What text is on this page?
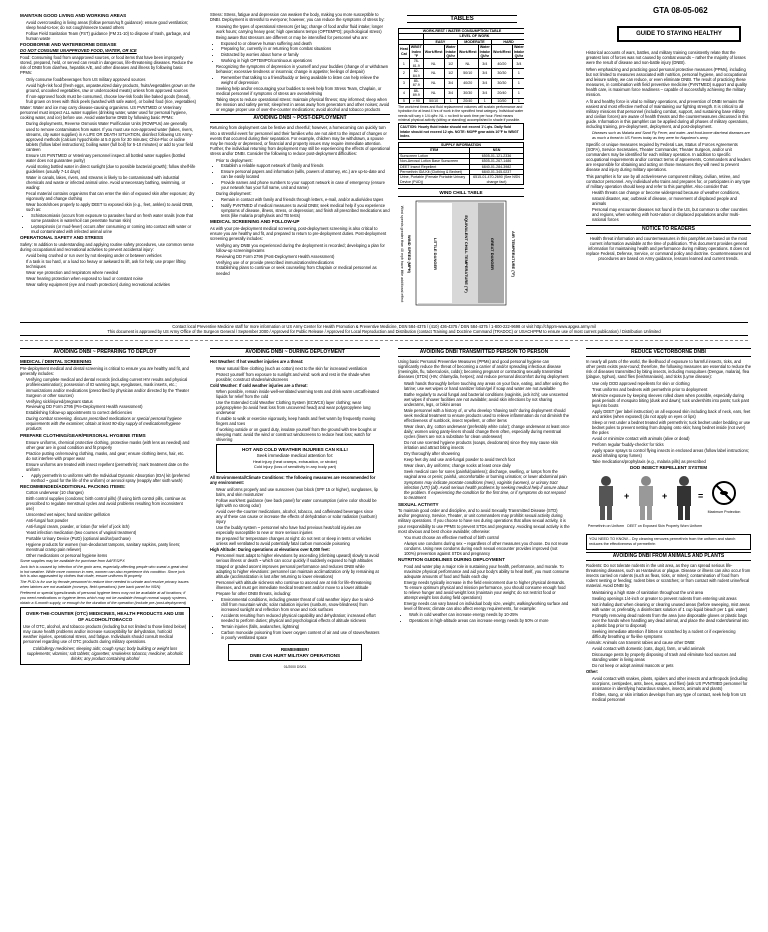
GTA 08-05-062
MAINTAIN GOOD LIVING AND WORKING AREAS
• Avoid overcrowding in living areas (follow person/sq ft guidance): ensure good ventilation; sleep head-to-toe; do not cough/sneeze toward others
• Follow Field Sanitation Team (FST) guidance (FM 21-10) to dispose of trash, garbage, and human waste
FOODBORNE AND WATERBORNE DISEASE
DO NOT CONSUME UNAPPROVED FOOD, WATER, OR ICE

Food: Consuming food from unapproved sources, or food items that have been improperly stored, prepared, held, or served can result in dangerous, life-threatening diseases. Reduce the risk of DNBI from diarrhea, hepatitis A/E, and other diseases and illness by following basic PPMs:

• Only consume food/beverages from US military approved sources
• Avoid high-risk food (fresh eggs, unpasteurized dairy products, fruits/vegetables grown on the ground, uncooked vegetables, raw or undercooked meats) unless from approved sources
• If non-approved foods must be consumed, choose low-risk foods like baked goods (bread), fruit grown on trees with thick peels (washed with safe water), or boiled food (rice, vegetables)

Water: Water and ice may carry disease-causing organisms. US PVNTMED or Veterinary personnel must inspect ALL water supplies (drinking water, water used for personal hygiene, cooking water, and ice) before use. Avoid waterborne DNBI by following basic PPMs:

• During deployments, Reverse Osmosis Water Purification Units (ROWPUs) are generally used to remove contaminates from water. If you must use non-approved water (lakes, rivers, streams, city water supplies) in A LIFE OR DEATH SITUATION, disinfect following US Army-approved methods (calcium hypochlorite at 5.0 ppm for 30 minutes; Chlor-Floc or iodine tablets (follow label instructions); boiling water (full boil) for 5-10 minutes) or add to your field canteen
• Ensure US PVNTMED or Veterinary personnel inspect all bottled water supplies (bottled water does not guarantee purity)
• Avoid storing bottled water in direct sunlight (due to possible bacterial growth); follow shelf-life guidelines (usually 7-14 days)
• Water in canals, lakes, rivers, and streams is likely to be contaminated with industrial chemicals and waste or infected animal urine. Avoid unnecessary bathing, swimming, or wading:
• Fecal material contains organisms that can enter the skin of exposed skin after exposure; dry vigorously and change clothing
• Wear boots/shoes properly to apply DEET to exposed skin (e.g., feet, ankles) to avoid DNBI, such as:
• Schistosomiasis (occurs from exposure to parasites found on fresh water snails (note that some parasites in water/soil can penetrate human skin)
• Leptospirosis (or mud-fever) occurs after consuming or coming into contact with water or mud contaminated with infected animal urine
OPERATIONAL SAFETY AND STRESS

Safety: In addition to understanding and applying routine safety procedures, use common sense during occupational and recreational activities to prevent accidental injury:

• Avoid being crushed or run over by not sleeping under or between vehicles
• If a task is too hard, or a load too heavy or awkward to lift, ask for help; use proper lifting techniques
• Wear eye protection and respirators where needed
• Wear hearing protection when exposed to loud or constant noise
• Wear safety equipment (eye and mouth protection) during recreational activities

Stress: Stress, fatigue and depression can weaken the body, making you more susceptible to DNBI. Deployment is stressful to everyone; however, you can reduce the symptoms of stress by:

• Knowing the types of operational stressors (jet lag; change of food and/or fluid intake; longer work hours; carrying heavy gear; high operations tempo (OPTEMPO); psychological stress)
• Being aware that stressors are different or may be intensified for personnel who are:
• Exposed to or observe human suffering and death
• Preparing for, currently in or returning from combat situations
• Distracted by worries about home or family
• Working in high OPTEMPO/continuous operations
• Recognizing the symptoms of depression in yourself and your buddies (change of or withdrawn behavior; excessive tiredness or insomnia; change in appetite; feelings of despair)
• Remember that talking to a friend/buddy or being available to listen can help relieve the weight of depression
• Seeking help and/or encouraging your buddies to seek help from Stress Team, Chaplain, or medical personnel if symptoms of stress are overwhelming
• Taking steps to reduce operational stress: maintain physical fitness; stay informed; sleep when the mission and safety permit; sleep/rest in areas away from generators and other noises; avoid or engage proper use of over-the-counter medications; avoid alcohol and tobacco products
AVOIDING DNBI ~ POST-DEPLOYMENT

Returning from deployment can be festive and cheerful; however, a homecoming can quickly turn into a stressful event for personnel and their families who are not alert to the impact of changes or events that occurred during their separation. For example, children may be withdrawn, a spouse may be moody or depressed, or financial and property issues may require immediate attention. Further, the individual returning from deployment may still be experiencing the effects of operational stress and/or DNBI. Consider the following to reduce post-deployment difficulties:

• Prior to deployment:
• Establish a reliable support network of family and friends
• Ensure personal papers and information (wills, powers of attorney, etc.) are up-to-date and can be easily located
• Provide names and phone numbers to your support network in case of emergency (ensure your network has your full name, unit and name)
• During deployment:
• Remain in contact with family and friends through letters, e-mail, and/or audio/video tapes
• Notify PVNTMED of medical measures to avoid DNBI; seek medical help if you experience symptoms of disease, illness, stress, or depression; and finish all prescribed medications and tests (like malaria prophylaxis and TB tests)
MEDICAL SCREENING AND FOLLOW-UP

As with your pre-deployment medical screening, post-deployment screening is also critical to ensure you are healthy and fit, and prepared to return to pre-deployment duties. Post-deployment screening generally includes:

• Verifying any DNBI you experienced during the deployment is recorded; developing a plan for follow-up screening/exams
• Reviewing DD Form 2796 (Post-Deployment Health Assessment)
• Verifying use of or provide prescribed immunizations/medications
• Establishing plans to continue or seek counseling from Chaplain or medical personnel as needed
TABLES
WORK-REST / WATER CONSUMPTION TABLE							
		LEVEL OF WORK					
		EASY		MODERATE		HARD	
Heat Cat	WBGT Index °F	Work/Rest	Water Intake Qt/hr	Work/Rest	Water Intake Qt/hr	Work/Rest	Water Intake Qt/hr
1	78-81.9	NL	1/2	NL	3/4	40/20	3/4
2	82-84.9	NL	1/2	50/10	3/4	30/30	1
3	85-87.9	NL	3/4	40/20	3/4	30/30	1
4	88-89.9	NL	3/4	30/30	3/4	20/40	1
5	> 90	50/10	1	20/40	1	10/50	1

The work/rest times and fluid replacement volumes will sustain performance and hydration for at least 4 hrs of work in the specified heat category. Individual water needs will vary ± 1/4 qt/hr. NL = no limit to work time per hour. Rest means minimal physical activity (sitting or standing) accomplished in shade if possible.

CAUTION: Hourly fluid intake should not exceed 1¼ qts. Daily fluid intake should not exceed 12 qts. NOTE: MOPP gear adds 10°F to WBGT index.

SUPPLY INFORMATION	
ITEM	NSN
Sunscreen Lotion	6505-01-121-2336
Non-Aerosol Lotion Base Sunscreen	6505-01-267-1486
DEET Insect Repellent	6840-01-284-3982
Permethrin IDA Kit (Clothing & Bednet)	6840-01-345-0237
Urine, Portable (Female Portable Urinary Device (PUD))	6515-01-470-2690 (See NSN change fact)
WIND CHILL TABLE
WIND SPEED (MPH)	AIR TEMPERATURE (°F)
EQUIVALENT CHILL TEMPERATURE (°F)
LITTLE DANGER	GREAT DANGER
Wind speeds greater than 40 mph have little additional effect
GUIDE TO STAYING HEALTHY

Historical accounts of wars, battles, and military training consistently relate that the greatest loss of forces was not caused by combat wounds – rather the majority of losses were the result of disease and non-battle injury (DNBI).

When emphasizing and practicing good personal protective measures (PPMs), including but not limited to measures associated with nutrition, personal hygiene, and occupational and leisure safety, we can reduce, or even eliminate DNBI. The result of practicing these measures, in combination with field preventive medicine (PVNTMED) support and quality health care, is maximum force readiness – capable of successfully achieving the military mission.

A fit and healthy force is vital to military operations, and prevention of DNBI remains the easiest and most effective method of maintaining our fighting strength. It is critical to all military missions that personnel (including combat, support, and sustaining base military and civilian forces) are aware of health threats and the countermeasures discussed in this guide. Information in this pamphlet can be applied during all phases of military operations, including training, pre-deployment, deployment, and post-deployment.

Diseases such as Malaria and Sand Fly Fever, and water- and food-borne diarrheal diseases are as much a threat to US Forces today as they were for Napoleon's army.

Specific or unique measures required by Federal Law, Status of Forces Agreements (SOFA), Service Secretaries, Theater Commander, Theater Surgeon, and/or unit commanders may be identified for each military operation. In addition to specific occupational requirements and/or contract terms of agreements, Commanders and leaders are responsible for obtaining and acting on those measures they will need to prevent disease and injury during military operations.

This pamphlet is for use by all active/reserve component military, civilian, retiree, and contractor personnel. Any individual who trains and prepares for, or participates in any type of military operation should keep and refer to this pamphlet. Also consider that:

• Health threats can change or become widespread because of weather conditions, natural disaster, war, outbreak of disease, or movement of displaced people and animals
• Personal may encounter diseases not found in the US, but common to other countries and regions, when working with host-nation or displaced populations and/or multi-national forces
NOTICE TO READERS

Health threat information and countermeasures in this pamphlet are based on the most current information available at the time of publication. This document provides general information for maintaining health and performance during military operations. It does not replace Federal, Defense, Service, or command policy and doctrine. Countermeasures and procedures are based on Army guidance, lessons learned and current trends.

Contact local Preventive Medicine staff for more information or US Army Center for Health Promotion & Preventive Medicine, DSN 584-4375 / (410) 436-4375 / DSN 584-4375 / 1-800-222-9698 or visit http://chppm-www.apgea.army.mil
This document is approved by US Army Office of the Surgeon General / September 2000 / Approved for Public Release / Approved for Local Reproduction and Distribution (contact Training and Doctrine Command (TRADOC) or USACHPPM to ensure use of most current publication) / Distribution Unlimited
AVOIDING DNBI ~ PREPARING TO DEPLOY
MEDICAL / DENTAL SCREENING

Pre-deployment medical and dental screening is critical to ensure you are healthy and fit, and generally includes:

• Verifying complete medical and dental records (including current HIV results and physical profile/examination); possession of ID warning tags, eyeglasses, mask inserts, etc.; immunizations and/or medications (prescribed by physician and/or directed by the Theater Surgeon or other sources)
• Verifying sick/injured/pregnant status
• Reviewing DD Form 2795 (Pre-Deployment Health Assessment)
• Establishing follow-up appointments to correct deficiencies

During combat screening, discuss prescribed medications or special personal hygiene requirements with the examiner; obtain at least 90-day supply of medications/hygiene products

PREPARE CLOTHING/GEAR/PERSONAL HYGIENE ITEMS
• Ensure uniforms, chemical protective clothing, protective masks (with lens as needed) and other gear are in good condition and fit properly
• Practice putting on/removing clothing, masks, and gear; ensure clothing items, hair, etc. do not interfere with proper wear
• Ensure uniforms are treated with insect repellent (permethrin); mark treatment date on the uniform
• Apply permethrin to uniforms with the Individual Dynamic Absorption (IDA) kit (preferred method ~ good for the life of the uniform) or aerosol spray (reapply after sixth wash)
RECOMMENDED/ADDITIONAL PACKING ITEMS:
• Cotton underwear (10 changes)
• Birth control supplies (condoms; birth control pills) (if using birth control pills, continue as prescribed to regulate menstrual cycles and avoid problems resulting from inconsistent use)
• Unscented wet wipes; hand sanitizer gel/lotion
• Anti-fungal foot powder
• Anti-fungal cream, powder, or lotion (for relief of jock itch)
• Yeast infection medication (two courses of vaginal treatment)
• Portable Urinary Device (PUD) (optional and/or/purchase)
• Hygiene products for women (non-deodorant tampons, sanitary napkins, panty liners; menstrual cramp pain reliever)
• Other medications or personal hygiene items

Some supplies may be available for purchase from AAFES/PX

Jock itch is caused by infection of the groin area, especially affecting people who sweat a great deal in hot weather. While more common in men, women can also experience this condition. Since jock itch is also aggravated by clothes that chafe, ensure uniforms fit properly

The PUD is for use by female personnel to reduce time needed to urinate and resolve privacy issues when latrines are not available (conveys, field operations) (see back panel for NSN)

Preferred or special types/brands of personal hygiene items may not be available at all locations; if you need medications or hygiene items which may not be available through normal supply systems, obtain a 6-month supply, or enough for the duration of the operation (include pre-/post-deployment)

OVER-THE-COUNTER (OTC) MEDICINES, HEALTH PRODUCTS AND USE OF ALCOHOL/TOBACCO

Use of OTC, alcohol, and tobacco products (including but not limited to those listed below) may cause health problems and/or increase susceptibility for dehydration, hot/cold weather injuries, operational stress, and fatigue. Individuals should consult medical personnel regarding use of OTC products during military operations.

Cold/allergy medicines; sleeping aids; cough syrup; body building or weight loss supplements; vitamins; salt tablets; cigarettes; smokeless tobacco; medicine; alcoholic drinks; any product containing alcohol

AVOIDING DNBI ~ DURING DEPLOYMENT

Hot Weather: If hot weather injuries are a threat:

• Wear natural fibre clothing (such as cotton) next to the skin for increased ventilation
• Protect yourself from exposure to sunlight and wind: work and rest in the shade when possible; construct shades/windscreens

Cold Weather: If cold weather injuries are a threat:

• When possible, remain inside well-ventilated warming tents and drink warm unCaffeinated liquids for relief from the cold
• Use the Extended Cold Weather Clothing System (ECWCS) layer clothing; wear polypropylene (to avoid heat loss from uncovered head) and wear polypropylene long underwear
• If unable to walk or exercise vigorously, keep hands and feet warm by frequently moving fingers and toes
• If working outside or on guard duty, insulate yourself from the ground with tree boughs or sleeping mats: avoid the wind or construct windscreens to reduce heat loss; watch for shivering
HOT AND COLD WEATHER INJURIES CAN KILL!
Seek immediate medical attention for:
Heat injury (heat cramps, exhaustion, or stroke)
Cold injury (loss of sensitivity in any body part)

All Environmental/Climate Conditions: The following measures are recommended for any environment:

• Wear uniforms properly and use sunscreen (sun block (SPF 15 or higher), sunglasses, lip balm, and skin moisturizer
• Follow work/rest guidance (see back panel) for water consumption (urine color should be light with no strong odor)
• Avoid over-the-counter medications, alcohol, tobacco, and caffeinated beverages since any of these can cause or increase the effects of dehydration or solar radiation (sunburn) injury
• Use the buddy system ~ personnel who have had previous heat/cold injuries are especially susceptible to new or more serious injuries
• Be prepared for temperature changes at night: do not rest or sleep in tents or vehicles unless well ventilated to avoid potentially fatal carbon monoxide poisoning

High Altitude: During operations at elevations over 8,000 feet:

• Personnel must adapt to higher elevations by ascending (climbing upward) slowly to avoid serious illness or death ~ which can occur quickly if suddenly exposed to high altitudes
• Staged or graded ascent improves personal performance and reduces DNBI while adapting to higher elevations: personnel can maintain acclimatization only by remaining at altitude (acclimatization is lost after returning to lower elevations)
• Personnel with altitude sickness who continue to ascend are at risk for life-threatening illnesses, and must get immediate medical treatment and/or move to a lower altitude
• Prepare for other DNBI threats, including:
• Environmental conditions, including greater threat of cold weather injury due to wind-chill from mountain winds; solar radiation injuries (sunburn, snow-blindness) from increased sunlight and reflection from snow and rock surfaces
• Accidents resulting from reduced physical capability and dehydration; increased effort needed to perform duties; physical and psychological effects of altitude sickness
• Terrain injuries (falls, avalanches, lightning)
• Carbon monoxide poisoning from lower oxygen content of air and use of stoves/heaters in poorly ventilated space
REMEMBER!
DNBI CAN HURT MILITARY OPERATIONS
01/2000 DS/01
AVOIDING DNBI TRANSMITTED PERSON TO PERSON

Using basic Personal Preventive Measures (PPMs) and good personal hygiene can significantly reduce the threat of becoming a carrier of and/or spreading infectious disease (meningitis, flu, tuberculosis, colds); becoming pregnant or contracting sexually transmitted diseases (STDs) (HIV, chlamydia, herpes); and reduce personal discomfort during deployment

• Wash hands thoroughly before touching any areas on your face, eating, and after using the latrine; use wet wipes or hand sanitizer lotion/gel if soap and water are not available
• Bathe regularly to avoid fungal and bacterial conditions (vaginitis, jock itch); use unscented wet wipes if shower facilities are not available; avoid skin infections by not sharing underarms, legs, or bikini areas
• Male personnel with a history of, or who develop 'shaving rash' during deployment should seek medical treatment to ensure products used to relieve inflammation do not diminish the effectiveness of sunblock, insect repellent, or other items
• Wear clean, dry, cotton underwear (preferably white color); change underwear at least once daily; women using panty-liners should change them often, especially during menstrual cycles (liners are not a substitute for clean underwear)
• Do not use scented hygiene products (soaps, deodorants) since they may cause skin irritation and attract biting insects
• Dry thoroughly after showering
• Keep feet dry and use anti-fungal powder to avoid trench foot
• Wear clean, dry uniforms; change socks at least once daily
• Seek medical care for sores (painful/painless); discharge, swelling, or lumps from the vaginal area or penis; painful, uncomfortable or burning urination; or lower abdominal pain

Symptoms may indicate prostate conditions (men), vaginitis (women), or urinary tract infection (UTI) (all). Avoid serious health problems by seeking medical help if unsure about the problem. If experiencing the condition for the first time, or if symptoms do not respond to treatment

SEXUAL ACTIVITY

To maintain good order and discipline, and to avoid Sexually Transmitted Disease (STD) and/or pregnancy, Service, Theater, or unit commanders may prohibit sexual activity during military operations. If you choose to have sex during operations that allow sexual activity, it is your responsibility to use PPMS to prevent STDs and pregnancy. Avoiding sexual activity is the most obvious and best choice available; otherwise:

• You must choose an effective method of birth control
• Always use condoms during sex ~ regardless of other measures you choose. Do not reuse condoms. Using new condoms during each sexual encounter provides improved (not 100%) prevention against STDs and pregnancy
NUTRITION GUIDELINES DURING DEPLOYMENT
• Food and water play a major role in sustaining your health, performance, and morale. To maximize physical performance and aid your body's ability to heal itself, you must consume adequate amounts of food and fluids each day
• Energy needs typically increase in the field environment due to higher physical demands. To ensure optimum physical and mission performance, you should consume enough food to relieve hunger and avoid weight loss (maintain your weight; do not restrict food or attempt weight loss during field operations)
• Energy needs can vary based on individual body size, weight, walking/working surface and level of fitness; climate can also affect energy requirements, for example:
• Work in cold weather can increase energy needs by 10-25%
• Operations in high-altitude areas can increase energy needs by 50% or more
REDUCE VECTORBORNE DNBI

In nearly all parts of the world, the likelihood of exposure to harmful insects, ticks, and other pests exists year-round; therefore, the following measures are essential to reduce the risk of diseases transmitted by biting insects, including mosquitoes (Dengue, malaria), flea (plague, typhus), sand flies (leishmaniasis), and ticks (Lyme disease):

• Use only DOD approved repellents for skin or clothing
• Treat uniforms and bednets with permethrin prior to deployment
• Minimize exposure by keeping sleeves rolled down when possible, especially during peak periods of mosquito biting (dusk and dawn); tuck undershirts into pants; tuck pant legs into boots
• Apply DEET (per label instruction) on all exposed skin including back of neck, ears, feet and ankles (when exposed) (do not apply on eyes or lips)
• Sleep or rest under a bednet treated with permethrin; tuck bednet under bedding or use bednet poles to prevent netting from draping onto skin; hang bednet inside (not over) the poles
• Avoid or minimize contact with animals (alive or dead)
• Perform regular 'buddy-checks' for ticks
• Apply space sprays to control flying insects in enclosed areas (follow label instructions; avoid inhaling spray fumes)
• Take medications/prophylaxis (e.g., malaria pills) as prescribed
DOD INSECT REPELLENT SYSTEM
+	+	=
Permethrin on Uniform DEET on Exposed Skin Properly Worn Uniform
Maximum Protection

YOU NEED TO KNOW... Dry cleaning removes permethrin from the uniform and starch reduces the effectiveness of permethrin

AVOIDING DNBI FROM ANIMALS AND PLANTS

Rodents: Do not tolerate rodents in the unit area, as they can spread serious life-threatening diseases, such as Hantavirus or plague. Disease or illness can also occur from insects carried on rodents (such as fleas, ticks, or mites); contamination of food from rodent nesting or feeding; rodent bites or scratches; or from contact with rodent urine/fecal material. Avoid DNBI by:

• Maintaining a high state of sanitation throughout the unit area
• Sealing openings 1/4-inch or greater to prevent rodents from entering unit areas
• Not inhaling dust when cleaning or clearing unused areas (before sweeping, mist areas with water or, preferably, a disinfectant solution of 1 cup liquid bleach per 1 gal. water)
• Promptly removing dead rodents from the area (use disposable gloves or plastic bags over the hands when handling any dead animal, and place the dead rodent/animal into a plastic bag prior to disposal)
• Seeking immediate attention if bitten or scratched by a rodent or if experiencing difficulty breathing or flu-like symptoms

Animals: Animals can transmit rabies and cause other DNBI:

• Avoid contact with domestic (cats, dogs), farm, or wild animals
• Discourage pests by properly disposing of trash and eliminate food sources and standing water in living areas
• Do not keep or adopt animal mascots or pets

Other:

• Avoid contact with snakes, plants, spiders and other insects and arthropods (including scorpions, centipedes, ants, bees, wasps, and flies) (ask US PVNTMED personnel for assistance in identifying hazardous snakes, insects, animals and plants)
• If bitten, stung, or skin irritation develops from any type of contact, seek help from US medical personnel
